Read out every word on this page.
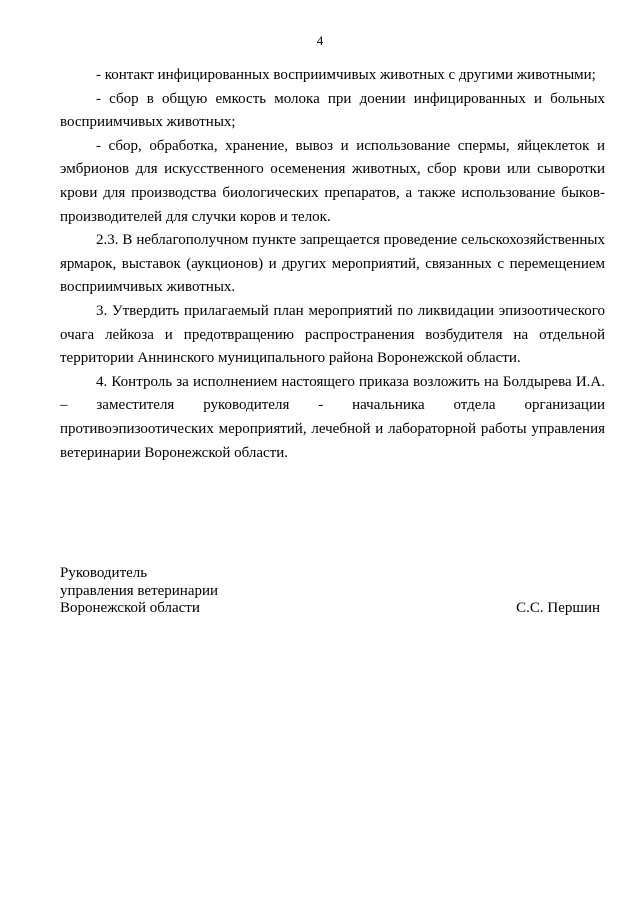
4

- контакт инфицированных восприимчивых животных с другими животными;

- сбор в общую емкость молока при доении инфицированных и больных восприимчивых животных;

- сбор, обработка, хранение, вывоз и использование спермы, яйцеклеток и эмбрионов для искусственного осеменения животных, сбор крови или сыворотки крови для производства биологических препаратов, а также использование быков-производителей для случки коров и телок.

2.3. В неблагополучном пункте запрещается проведение сельскохозяйственных ярмарок, выставок (аукционов) и других мероприятий, связанных с перемещением восприимчивых животных.

3. Утвердить прилагаемый план мероприятий по ликвидации эпизоотического очага лейкоза и предотвращению распространения возбудителя на отдельной территории Аннинского муниципального района Воронежской области.

4. Контроль за исполнением настоящего приказа возложить на Болдырева И.А. – заместителя руководителя - начальника отдела организации противоэпизоотических мероприятий, лечебной и лабораторной работы управления ветеринарии Воронежской области.

Руководитель
управления ветеринарии
Воронежской области	С.С. Першин
